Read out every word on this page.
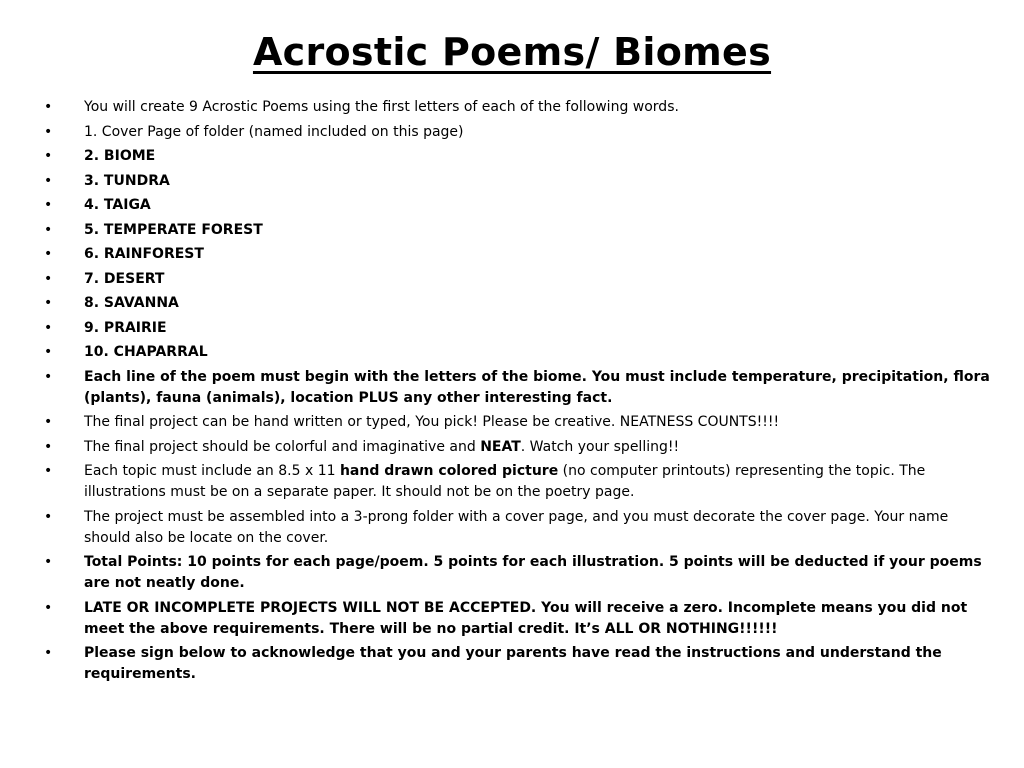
Acrostic Poems/ Biomes
• You will create 9 Acrostic Poems using the first letters of each of the following words.
• 1. Cover Page of folder (named included on this page)
• 2. BIOME
• 3. TUNDRA
• 4. TAIGA
• 5. TEMPERATE FOREST
• 6. RAINFOREST
• 7. DESERT
• 8. SAVANNA
• 9. PRAIRIE
• 10. CHAPARRAL
• Each line of the poem must begin with the letters of the biome. You must include temperature, precipitation, flora (plants), fauna (animals), location PLUS any other interesting fact.
• The final project can be hand written or typed, You pick! Please be creative. NEATNESS COUNTS!!!!
• The final project should be colorful and imaginative and NEAT. Watch your spelling!!
• Each topic must include an 8.5 x 11 hand drawn colored picture (no computer printouts) representing the topic. The illustrations must be on a separate paper. It should not be on the poetry page.
• The project must be assembled into a 3-prong folder with a cover page, and you must decorate the cover page. Your name should also be locate on the cover.
• Total Points: 10 points for each page/poem. 5 points for each illustration. 5 points will be deducted if your poems are not neatly done.
• LATE OR INCOMPLETE PROJECTS WILL NOT BE ACCEPTED. You will receive a zero. Incomplete means you did not meet the above requirements. There will be no partial credit. It’s ALL OR NOTHING!!!!!!
• Please sign below to acknowledge that you and your parents have read the instructions and understand the requirements.
